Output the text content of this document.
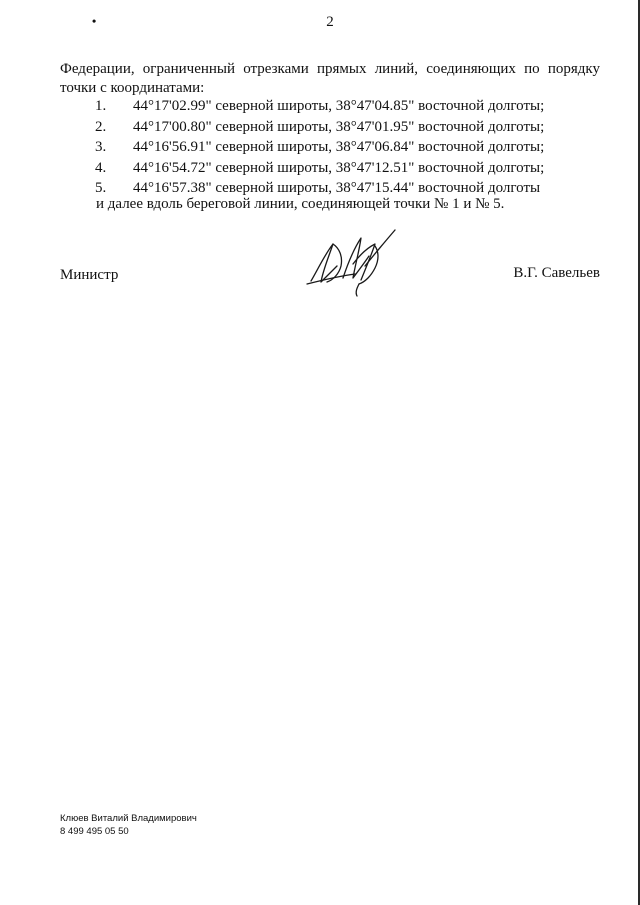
•	2

Федерации, ограниченный отрезками прямых линий, соединяющих по порядку

точки с координатами:

1. 44°17'02.99" северной широты, 38°47'04.85" восточной долготы;
2. 44°17'00.80" северной широты, 38°47'01.95" восточной долготы;
3. 44°16'56.91" северной широты, 38°47'06.84" восточной долготы;
4. 44°16'54.72" северной широты, 38°47'12.51" восточной долготы;
5. 44°16'57.38" северной широты, 38°47'15.44" восточной долготы

и далее вдоль береговой линии, соединяющей точки № 1 и № 5.

Министр	В.Г. Савельев
Клюев Виталий Владимирович
8 499 495 05 50
